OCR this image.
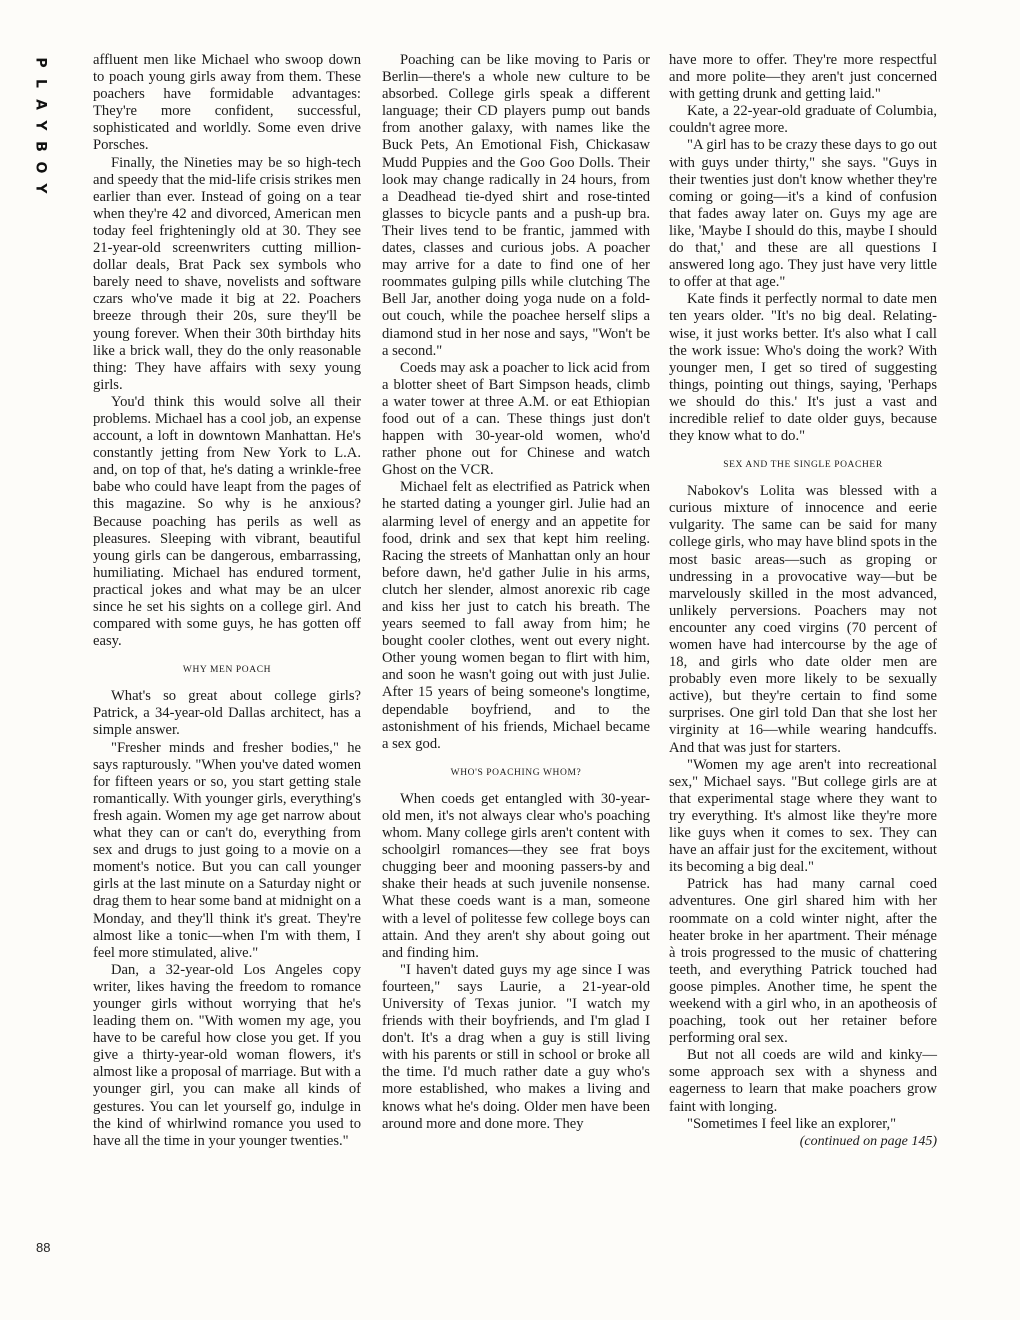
P
L
A
Y
B
O
Y
88

affluent men like Michael who swoop down to poach young girls away from them. These poachers have formidable advantages: They're more confident, successful, sophisticated and worldly. Some even drive Porsches.

Finally, the Nineties may be so high-tech and speedy that the mid-life crisis strikes men earlier than ever. Instead of going on a tear when they're 42 and divorced, American men today feel frighteningly old at 30. They see 21-year-old screenwriters cutting million-dollar deals, Brat Pack sex symbols who barely need to shave, novelists and software czars who've made it big at 22. Poachers breeze through their 20s, sure they'll be young forever. When their 30th birthday hits like a brick wall, they do the only reasonable thing: They have affairs with sexy young girls.

You'd think this would solve all their problems. Michael has a cool job, an expense account, a loft in downtown Manhattan. He's constantly jetting from New York to L.A. and, on top of that, he's dating a wrinkle-free babe who could have leapt from the pages of this magazine. So why is he anxious? Because poaching has perils as well as pleasures. Sleeping with vibrant, beautiful young girls can be dangerous, embarrassing, humiliating. Michael has endured torment, practical jokes and what may be an ulcer since he set his sights on a college girl. And compared with some guys, he has gotten off easy.

WHY MEN POACH

What's so great about college girls? Patrick, a 34-year-old Dallas architect, has a simple answer.

"Fresher minds and fresher bodies," he says rapturously. "When you've dated women for fifteen years or so, you start getting stale romantically. With younger girls, everything's fresh again. Women my age get narrow about what they can or can't do, everything from sex and drugs to just going to a movie on a moment's notice. But you can call younger girls at the last minute on a Saturday night or drag them to hear some band at midnight on a Monday, and they'll think it's great. They're almost like a tonic—when I'm with them, I feel more stimulated, alive."

Dan, a 32-year-old Los Angeles copy writer, likes having the freedom to romance younger girls without worrying that he's leading them on. "With women my age, you have to be careful how close you get. If you give a thirty-year-old woman flowers, it's almost like a proposal of marriage. But with a younger girl, you can make all kinds of gestures. You can let yourself go, indulge in the kind of whirlwind romance you used to have all the time in your younger twenties."

Poaching can be like moving to Paris or Berlin—there's a whole new culture to be absorbed. College girls speak a different language; their CD players pump out bands from another galaxy, with names like the Buck Pets, An Emotional Fish, Chickasaw Mudd Puppies and the Goo Goo Dolls. Their look may change radically in 24 hours, from a Deadhead tie-dyed shirt and rose-tinted glasses to bicycle pants and a push-up bra. Their lives tend to be frantic, jammed with dates, classes and curious jobs. A poacher may arrive for a date to find one of her roommates gulping pills while clutching The Bell Jar, another doing yoga nude on a fold-out couch, while the poachee herself slips a diamond stud in her nose and says, "Won't be a second."

Coeds may ask a poacher to lick acid from a blotter sheet of Bart Simpson heads, climb a water tower at three A.M. or eat Ethiopian food out of a can. These things just don't happen with 30-year-old women, who'd rather phone out for Chinese and watch Ghost on the VCR.

Michael felt as electrified as Patrick when he started dating a younger girl. Julie had an alarming level of energy and an appetite for food, drink and sex that kept him reeling. Racing the streets of Manhattan only an hour before dawn, he'd gather Julie in his arms, clutch her slender, almost anorexic rib cage and kiss her just to catch his breath. The years seemed to fall away from him; he bought cooler clothes, went out every night. Other young women began to flirt with him, and soon he wasn't going out with just Julie. After 15 years of being someone's longtime, dependable boyfriend, and to the astonishment of his friends, Michael became a sex god.

WHO'S POACHING WHOM?

When coeds get entangled with 30-year-old men, it's not always clear who's poaching whom. Many college girls aren't content with schoolgirl romances—they see frat boys chugging beer and mooning passers-by and shake their heads at such juvenile nonsense. What these coeds want is a man, someone with a level of politesse few college boys can attain. And they aren't shy about going out and finding him.

"I haven't dated guys my age since I was fourteen," says Laurie, a 21-year-old University of Texas junior. "I watch my friends with their boyfriends, and I'm glad I don't. It's a drag when a guy is still living with his parents or still in school or broke all the time. I'd much rather date a guy who's more established, who makes a living and knows what he's doing. Older men have been around more and done more. They

have more to offer. They're more respectful and more polite—they aren't just concerned with getting drunk and getting laid."

Kate, a 22-year-old graduate of Columbia, couldn't agree more.

"A girl has to be crazy these days to go out with guys under thirty," she says. "Guys in their twenties just don't know whether they're coming or going—it's a kind of confusion that fades away later on. Guys my age are like, 'Maybe I should do this, maybe I should do that,' and these are all questions I answered long ago. They just have very little to offer at that age."

Kate finds it perfectly normal to date men ten years older. "It's no big deal. Relating-wise, it just works better. It's also what I call the work issue: Who's doing the work? With younger men, I get so tired of suggesting things, pointing out things, saying, 'Perhaps we should do this.' It's just a vast and incredible relief to date older guys, because they know what to do."

SEX AND THE SINGLE POACHER

Nabokov's Lolita was blessed with a curious mixture of innocence and eerie vulgarity. The same can be said for many college girls, who may have blind spots in the most basic areas—such as groping or undressing in a provocative way—but be marvelously skilled in the most advanced, unlikely perversions. Poachers may not encounter any coed virgins (70 percent of women have had intercourse by the age of 18, and girls who date older men are probably even more likely to be sexually active), but they're certain to find some surprises. One girl told Dan that she lost her virginity at 16—while wearing handcuffs. And that was just for starters.

"Women my age aren't into recreational sex," Michael says. "But college girls are at that experimental stage where they want to try everything. It's almost like they're more like guys when it comes to sex. They can have an affair just for the excitement, without its becoming a big deal."

Patrick has had many carnal coed adventures. One girl shared him with her roommate on a cold winter night, after the heater broke in her apartment. Their ménage à trois progressed to the music of chattering teeth, and everything Patrick touched had goose pimples. Another time, he spent the weekend with a girl who, in an apotheosis of poaching, took out her retainer before performing oral sex.

But not all coeds are wild and kinky—some approach sex with a shyness and eagerness to learn that make poachers grow faint with longing.

"Sometimes I feel like an explorer,"

(continued on page 145)
